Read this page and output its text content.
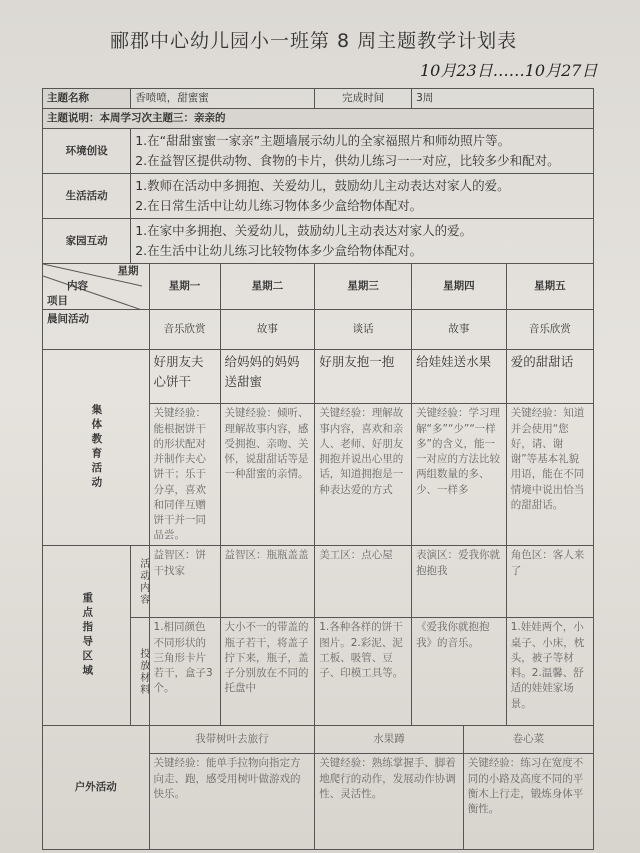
郦郡中心幼儿园小一班第 8 周主题教学计划表
10月23日……10月27日
主题名称	香喷喷，甜蜜蜜			完成时间	3周		
主题说明：本周学习次主题三：亲亲的							
环境创设	1.在“甜甜蜜蜜一家亲”主题墙展示幼儿的全家福照片和师幼照片等。
2.在益智区提供动物、食物的卡片，供幼儿练习一一对应，比较多少和配对。						

生活活动	1.教师在活动中多拥抱、关爱幼儿，鼓励幼儿主动表达对家人的爱。
2.在日常生活中让幼儿练习物体多少盒给物体配对。						

家园互动	1.在家中多拥抱、关爱幼儿，鼓励幼儿主动表达对家人的爱。
2.在生活中让幼儿练习比较物体多少盒给物体配对。						

星期
内容
项目		星期一	星期二	星期三	星期四		星期五
晨间活动		音乐欣赏	故事	谈话	故事		音乐欣赏

集体教育活动		好朋友夫心饼干	给妈妈的妈妈送甜蜜	好朋友抱一抱	给娃娃送水果		爱的甜甜话
		关键经验：能根据饼干的形状配对并制作夫心饼干；乐于分享，喜欢和同伴互赠饼干并一同品尝。	关键经验：倾听、理解故事内容，感受拥抱、亲吻、关怀，说甜甜话等是一种甜蜜的亲情。	关键经验：理解故事内容，喜欢和亲人、老师、好朋友拥抱并说出心里的话，知道拥抱是一种表达爱的方式	关键经验：学习理解“多”“少”“一样多”的含义，能一一对应的方法比较两组数量的多、少、一样多		关键经验：知道并会使用“您好，请、谢谢”等基本礼貌用语，能在不同情境中说出恰当的甜甜话。

重点指导区域	活动内容	益智区：饼干找家	益智区：瓶瓶盖盖	美工区：点心屋	表演区：爱我你就抱抱我		角色区：客人来了

	投放材料	1.相同颜色不同形状的三角形卡片若干，盒子3个。	大小不一的带盖的瓶子若干，将盖子拧下来，瓶子，盖子分别放在不同的托盘中	1.各种各样的饼干图片。2.彩泥、泥工板、吸管、豆子、印模工具等。	《爱我你就抱抱我》的音乐。		1.娃娃两个，小桌子、小床，枕头，被子等材料。2.温馨、舒适的娃娃家场景。
户外活动		我带树叶去旅行		水果蹲		卷心菜	
		关键经验：能单手拉物向指定方向走、跑，感受用树叶做游戏的快乐。		关键经验：熟练掌握手、脚着地爬行的动作，发展动作协调性、灵活性。		关键经验：练习在宽度不同的小路及高度不同的平衡木上行走，锻炼身体平衡性。	
